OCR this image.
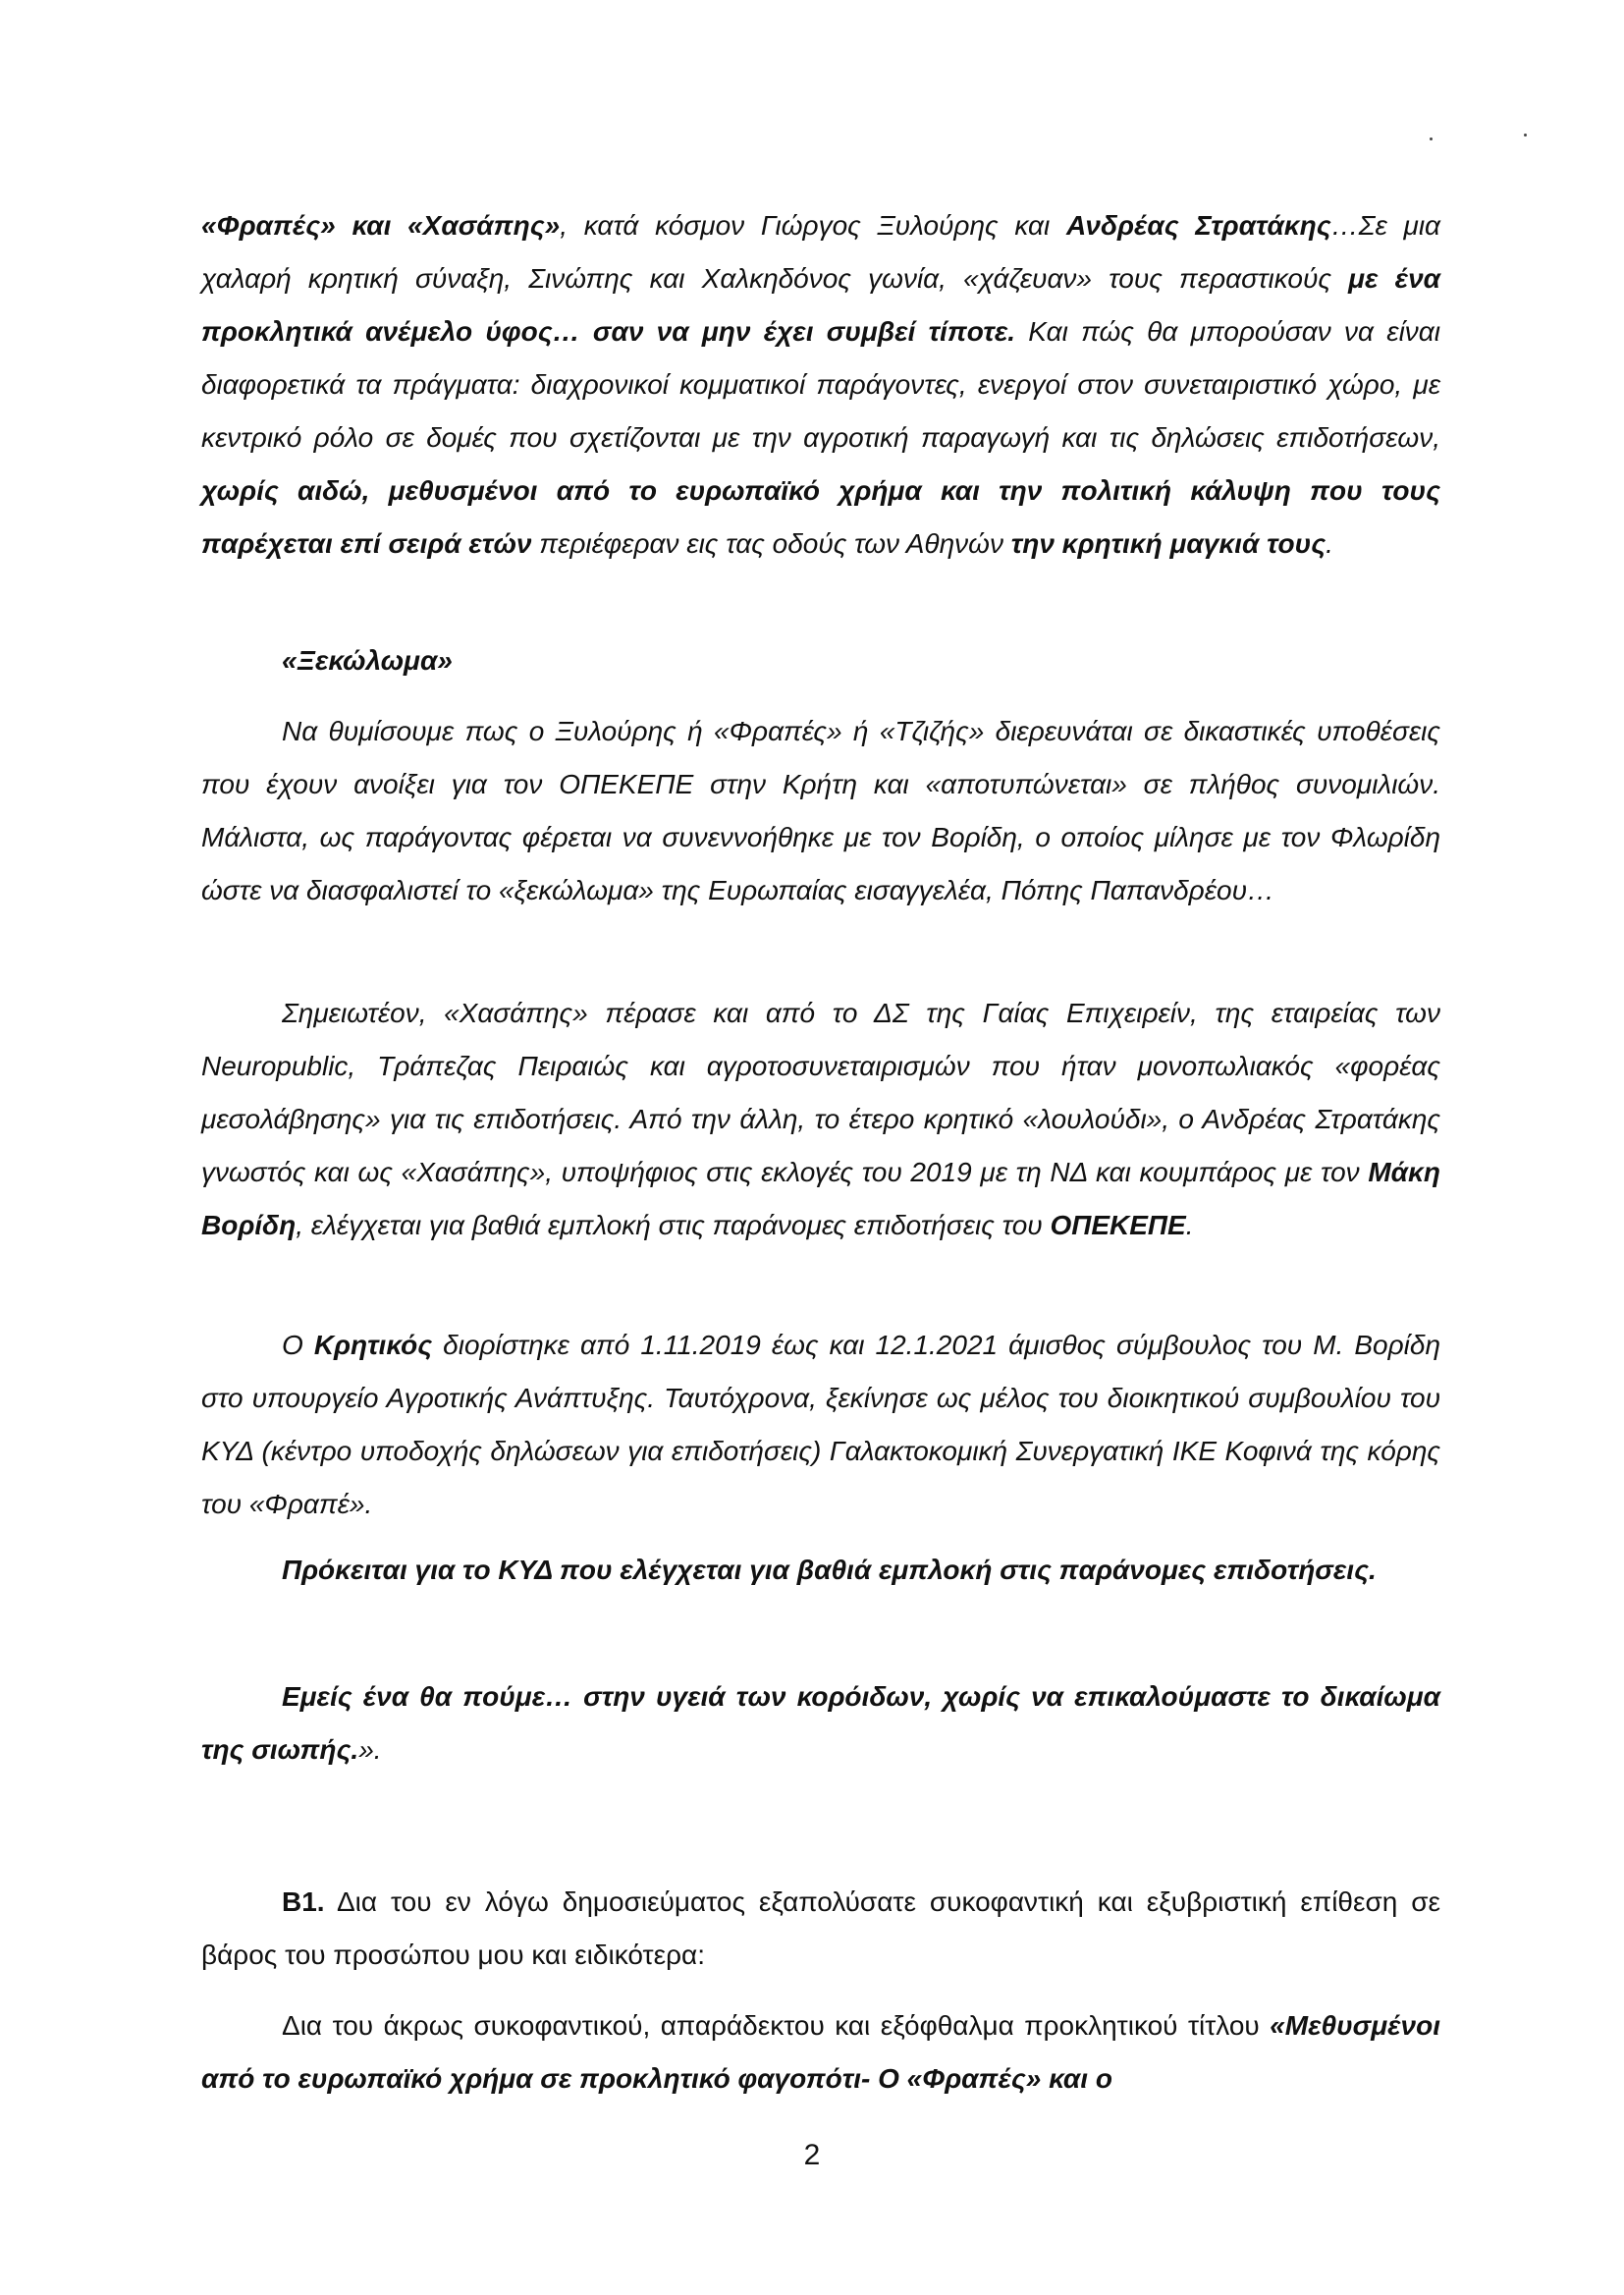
«Φραπές» και «Χασάπης», κατά κόσμον Γιώργος Ξυλούρης και Ανδρέας Στρατάκης…Σε μια χαλαρή κρητική σύναξη, Σινώπης και Χαλκηδόνος γωνία, «χάζευαν» τους περαστικούς με ένα προκλητικά ανέμελο ύφος… σαν να μην έχει συμβεί τίποτε. Και πώς θα μπορούσαν να είναι διαφορετικά τα πράγματα: διαχρονικοί κομματικοί παράγοντες, ενεργοί στον συνεταιριστικό χώρο, με κεντρικό ρόλο σε δομές που σχετίζονται με την αγροτική παραγωγή και τις δηλώσεις επιδοτήσεων, χωρίς αιδώ, μεθυσμένοι από το ευρωπαϊκό χρήμα και την πολιτική κάλυψη που τους παρέχεται επί σειρά ετών περιέφεραν εις τας οδούς των Αθηνών την κρητική μαγκιά τους.

«Ξεκώλωμα»

Να θυμίσουμε πως ο Ξυλούρης ή «Φραπές» ή «Τζιζής» διερευνάται σε δικαστικές υποθέσεις που έχουν ανοίξει για τον ΟΠΕΚΕΠΕ στην Κρήτη και «αποτυπώνεται» σε πλήθος συνομιλιών. Μάλιστα, ως παράγοντας φέρεται να συνεννοήθηκε με τον Βορίδη, ο οποίος μίλησε με τον Φλωρίδη ώστε να διασφαλιστεί το «ξεκώλωμα» της Ευρωπαίας εισαγγελέα, Πόπης Παπανδρέου…

Σημειωτέον, «Χασάπης» πέρασε και από το ΔΣ της Γαίας Επιχειρείν, της εταιρείας των Neuropublic, Τράπεζας Πειραιώς και αγροτοσυνεταιρισμών που ήταν μονοπωλιακός «φορέας μεσολάβησης» για τις επιδοτήσεις. Από την άλλη, το έτερο κρητικό «λουλούδι», ο Ανδρέας Στρατάκης γνωστός και ως «Χασάπης», υποψήφιος στις εκλογές του 2019 με τη ΝΔ και κουμπάρος με τον Μάκη Βορίδη, ελέγχεται για βαθιά εμπλοκή στις παράνομες επιδοτήσεις του ΟΠΕΚΕΠΕ.

Ο Κρητικός διορίστηκε από 1.11.2019 έως και 12.1.2021 άμισθος σύμβουλος του Μ. Βορίδη στο υπουργείο Αγροτικής Ανάπτυξης. Ταυτόχρονα, ξεκίνησε ως μέλος του διοικητικού συμβουλίου του ΚΥΔ (κέντρο υποδοχής δηλώσεων για επιδοτήσεις) Γαλακτοκομική Συνεργατική ΙΚΕ Κοφινά της κόρης του «Φραπέ».

Πρόκειται για το ΚΥΔ που ελέγχεται για βαθιά εμπλοκή στις παράνομες επιδοτήσεις.

Εμείς ένα θα πούμε… στην υγειά των κορόιδων, χωρίς να επικαλούμαστε το δικαίωμα της σιωπής.».

Β1. Δια του εν λόγω δημοσιεύματος εξαπολύσατε συκοφαντική και εξυβριστική επίθεση σε βάρος του προσώπου μου και ειδικότερα:

Δια του άκρως συκοφαντικού, απαράδεκτου και εξόφθαλμα προκλητικού τίτλου «Μεθυσμένοι από το ευρωπαϊκό χρήμα σε προκλητικό φαγοπότι- Ο «Φραπές» και ο

2
